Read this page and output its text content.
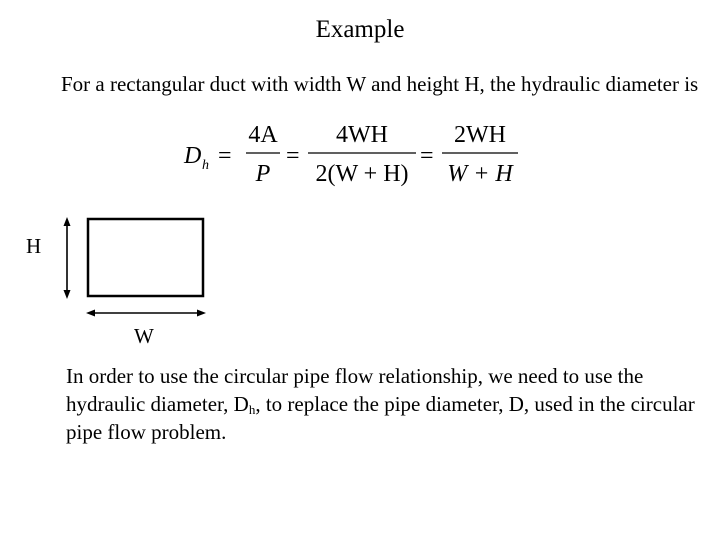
Example
For a rectangular duct with width W and height H, the hydraulic diameter is
D h =
4A
P
=
4WH
2(W + H)
=
2WH
W + H
H
W
In order to use the circular pipe flow relationship, we need to use the hydraulic diameter, $D_h$, to replace the pipe diameter, D, used in the circular pipe flow problem.
